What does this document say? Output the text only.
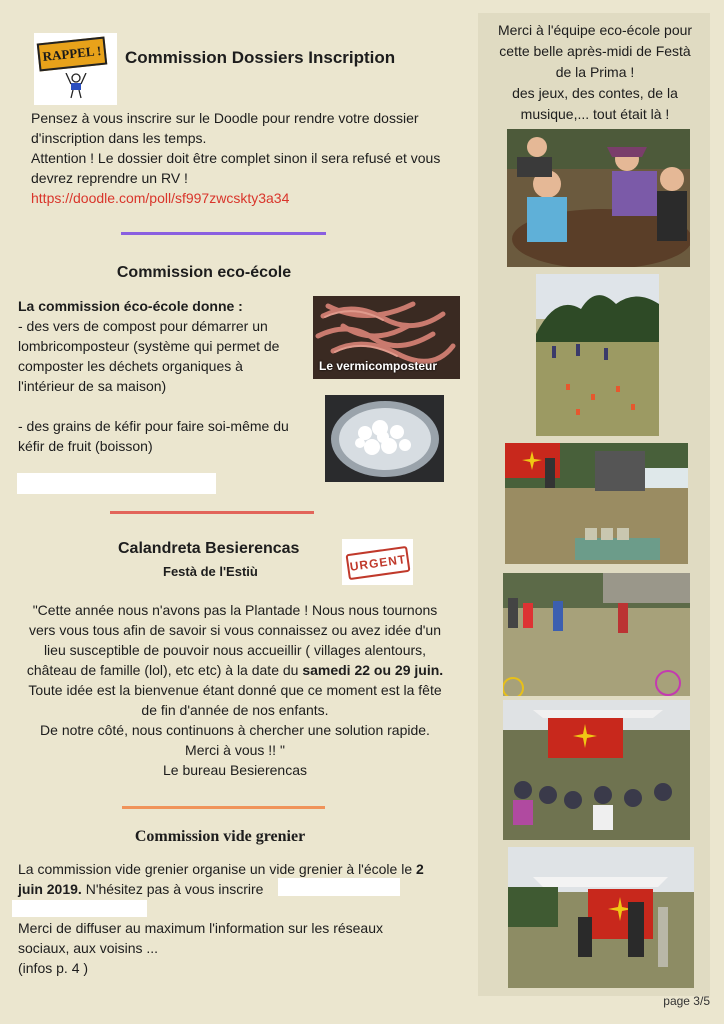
RAPPEL !	Commission Dossiers Inscription

Pensez à vous inscrire sur le Doodle pour rendre votre dossier

d'inscription dans les temps.

Attention ! Le dossier doit être complet sinon il sera refusé et vous

devrez reprendre un RV !

https://doodle.com/poll/sf997zwcskty3a34

Commission eco-école

La commission éco-école donne :

- des vers de compost pour démarrer un

lombricomposteur (système qui permet de

composter les déchets organiques à

l'intérieur de sa maison)

- des grains de kéfir pour faire soi-même du

kéfir de fruit (boisson)

Le vermicomposteur
Calandreta Besierencas
Festà de l'Estiù	URGENT

"Cette année nous n'avons pas la Plantade ! Nous nous tournons

vers vous tous afin de savoir si vous connaissez ou avez idée d'un

lieu susceptible de pouvoir nous accueillir ( villages alentours,

château de famille (lol), etc etc) à la date du samedi 22 ou 29 juin.

Toute idée est la bienvenue étant donné que ce moment est la fête

de fin d'année de nos enfants.

De notre côté, nous continuons à chercher une solution rapide.

Merci à vous !! "

Le bureau Besierencas

Commission vide grenier

La commission vide grenier organise un vide grenier à l'école le 2

juin 2019. N'hésitez pas à vous inscrire

Merci de diffuser au maximum l'information sur les réseaux

sociaux, aux voisins ...

(infos p. 4 )

Merci à l'équipe eco-école pour

cette belle après-midi de Festà

de la Prima !

des jeux, des contes, de la

musique,... tout était là !

page 3/5
